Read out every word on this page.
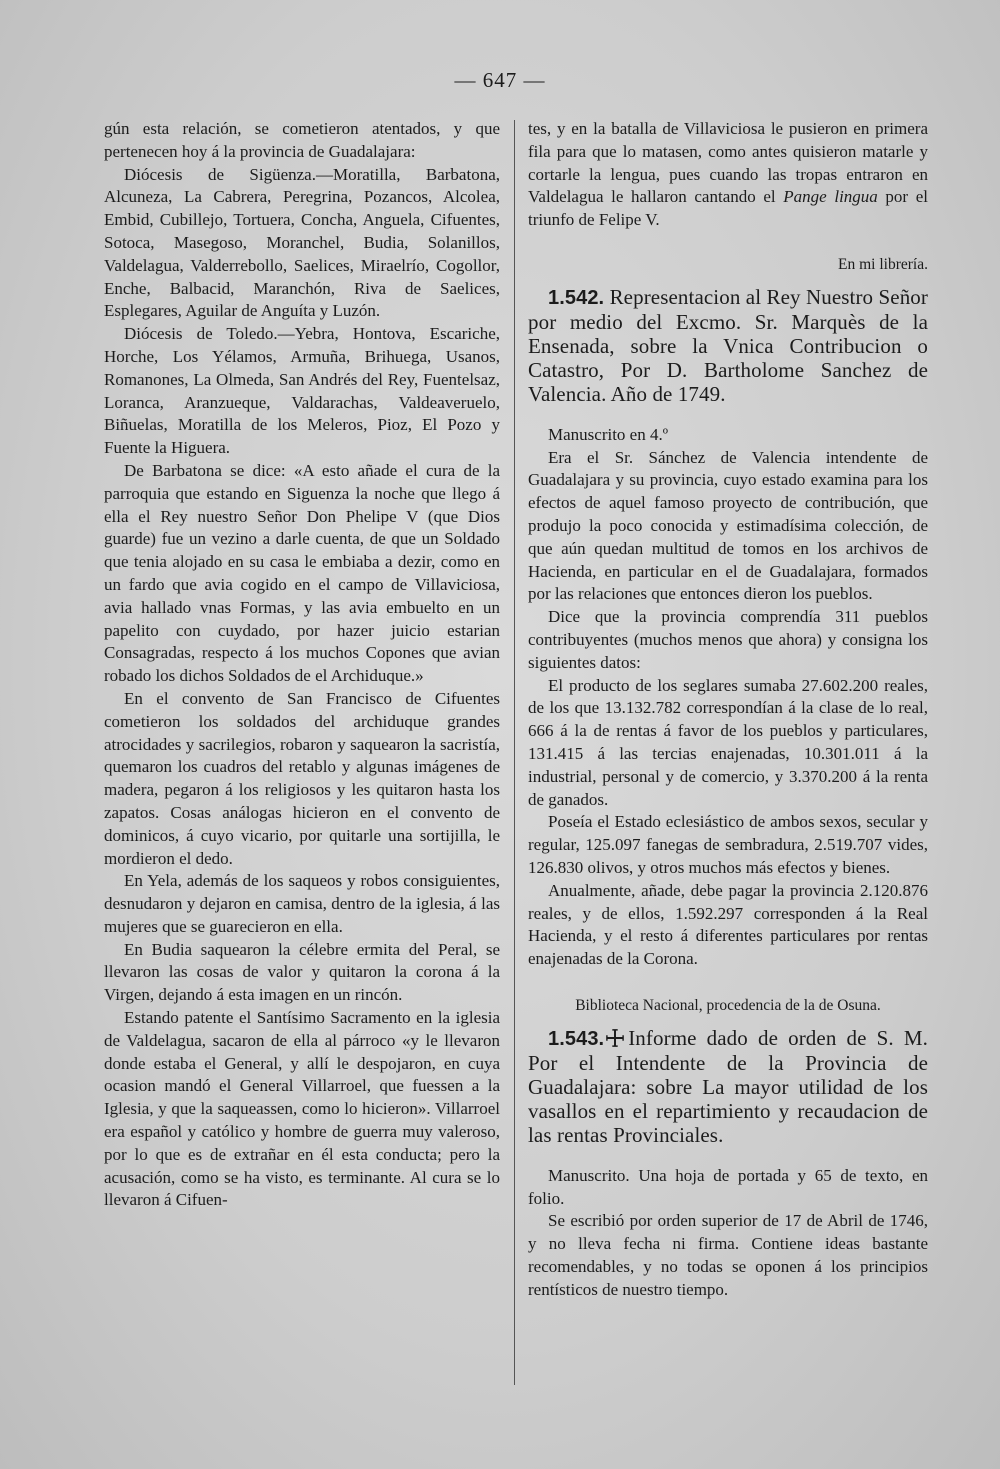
— 647 —

gún esta relación, se cometieron atentados, y que pertenecen hoy á la provincia de Guadalajara:

Diócesis de Sigüenza.—Moratilla, Barbatona, Alcuneza, La Cabrera, Peregrina, Pozancos, Alcolea, Embid, Cubillejo, Tortuera, Concha, Anguela, Cifuentes, Sotoca, Masegoso, Moranchel, Budia, Solanillos, Valdelagua, Valderrebollo, Saelices, Miraelrío, Cogollor, Enche, Balbacid, Maranchón, Riva de Saelices, Esplegares, Aguilar de Anguíta y Luzón.

Diócesis de Toledo.—Yebra, Hontova, Escariche, Horche, Los Yélamos, Armuña, Brihuega, Usanos, Romanones, La Olmeda, San Andrés del Rey, Fuentelsaz, Loranca, Aranzueque, Valdarachas, Valdeaveruelo, Biñuelas, Moratilla de los Meleros, Pioz, El Pozo y Fuente la Higuera.

De Barbatona se dice: «A esto añade el cura de la parroquia que estando en Siguenza la noche que llego á ella el Rey nuestro Señor Don Phelipe V (que Dios guarde) fue un vezino a darle cuenta, de que un Soldado que tenia alojado en su casa le embiaba a dezir, como en un fardo que avia cogido en el campo de Villaviciosa, avia hallado vnas Formas, y las avia embuelto en un papelito con cuydado, por hazer juicio estarian Consagradas, respecto á los muchos Copones que avian robado los dichos Soldados de el Archiduque.»

En el convento de San Francisco de Cifuentes cometieron los soldados del archiduque grandes atrocidades y sacrilegios, robaron y saquearon la sacristía, quemaron los cuadros del retablo y algunas imágenes de madera, pegaron á los religiosos y les quitaron hasta los zapatos. Cosas análogas hicieron en el convento de dominicos, á cuyo vicario, por quitarle una sortijilla, le mordieron el dedo.

En Yela, además de los saqueos y robos consiguientes, desnudaron y dejaron en camisa, dentro de la iglesia, á las mujeres que se guarecieron en ella.

En Budia saquearon la célebre ermita del Peral, se llevaron las cosas de valor y quitaron la corona á la Virgen, dejando á esta imagen en un rincón.

Estando patente el Santísimo Sacramento en la iglesia de Valdelagua, sacaron de ella al párroco «y le llevaron donde estaba el General, y allí le despojaron, en cuya ocasion mandó el General Villarroel, que fuessen a la Iglesia, y que la saqueassen, como lo hicieron». Villarroel era español y católico y hombre de guerra muy valeroso, por lo que es de extrañar en él esta conducta; pero la acusación, como se ha visto, es terminante. Al cura se lo llevaron á Cifuen-

tes, y en la batalla de Villaviciosa le pusieron en primera fila para que lo matasen, como antes quisieron matarle y cortarle la lengua, pues cuando las tropas entraron en Valdelagua le hallaron cantando el Pange lingua por el triunfo de Felipe V.

En mi librería.

1.542. Representacion al Rey Nuestro Señor por medio del Excmo. Sr. Marquès de la Ensenada, sobre la Vnica Contribucion o Catastro, Por D. Bartholome Sanchez de Valencia. Año de 1749.

Manuscrito en 4.º

Era el Sr. Sánchez de Valencia intendente de Guadalajara y su provincia, cuyo estado examina para los efectos de aquel famoso proyecto de contribución, que produjo la poco conocida y estimadísima colección, de que aún quedan multitud de tomos en los archivos de Hacienda, en particular en el de Guadalajara, formados por las relaciones que entonces dieron los pueblos.

Dice que la provincia comprendía 311 pueblos contribuyentes (muchos menos que ahora) y consigna los siguientes datos:

El producto de los seglares sumaba 27.602.200 reales, de los que 13.132.782 correspondían á la clase de lo real, 666 á la de rentas á favor de los pueblos y particulares, 131.415 á las tercias enajenadas, 10.301.011 á la industrial, personal y de comercio, y 3.370.200 á la renta de ganados.

Poseía el Estado eclesiástico de ambos sexos, secular y regular, 125.097 fanegas de sembradura, 2.519.707 vides, 126.830 olivos, y otros muchos más efectos y bienes.

Anualmente, añade, debe pagar la provincia 2.120.876 reales, y de ellos, 1.592.297 corresponden á la Real Hacienda, y el resto á diferentes particulares por rentas enajenadas de la Corona.

Biblioteca Nacional, procedencia de la de Osuna.

1.543. Informe dado de orden de S. M. Por el Intendente de la Provincia de Guadalajara: sobre La mayor utilidad de los vasallos en el repartimiento y recaudacion de las rentas Provinciales.

Manuscrito. Una hoja de portada y 65 de texto, en folio.

Se escribió por orden superior de 17 de Abril de 1746, y no lleva fecha ni firma. Contiene ideas bastante recomendables, y no todas se oponen á los principios rentísticos de nuestro tiempo.
